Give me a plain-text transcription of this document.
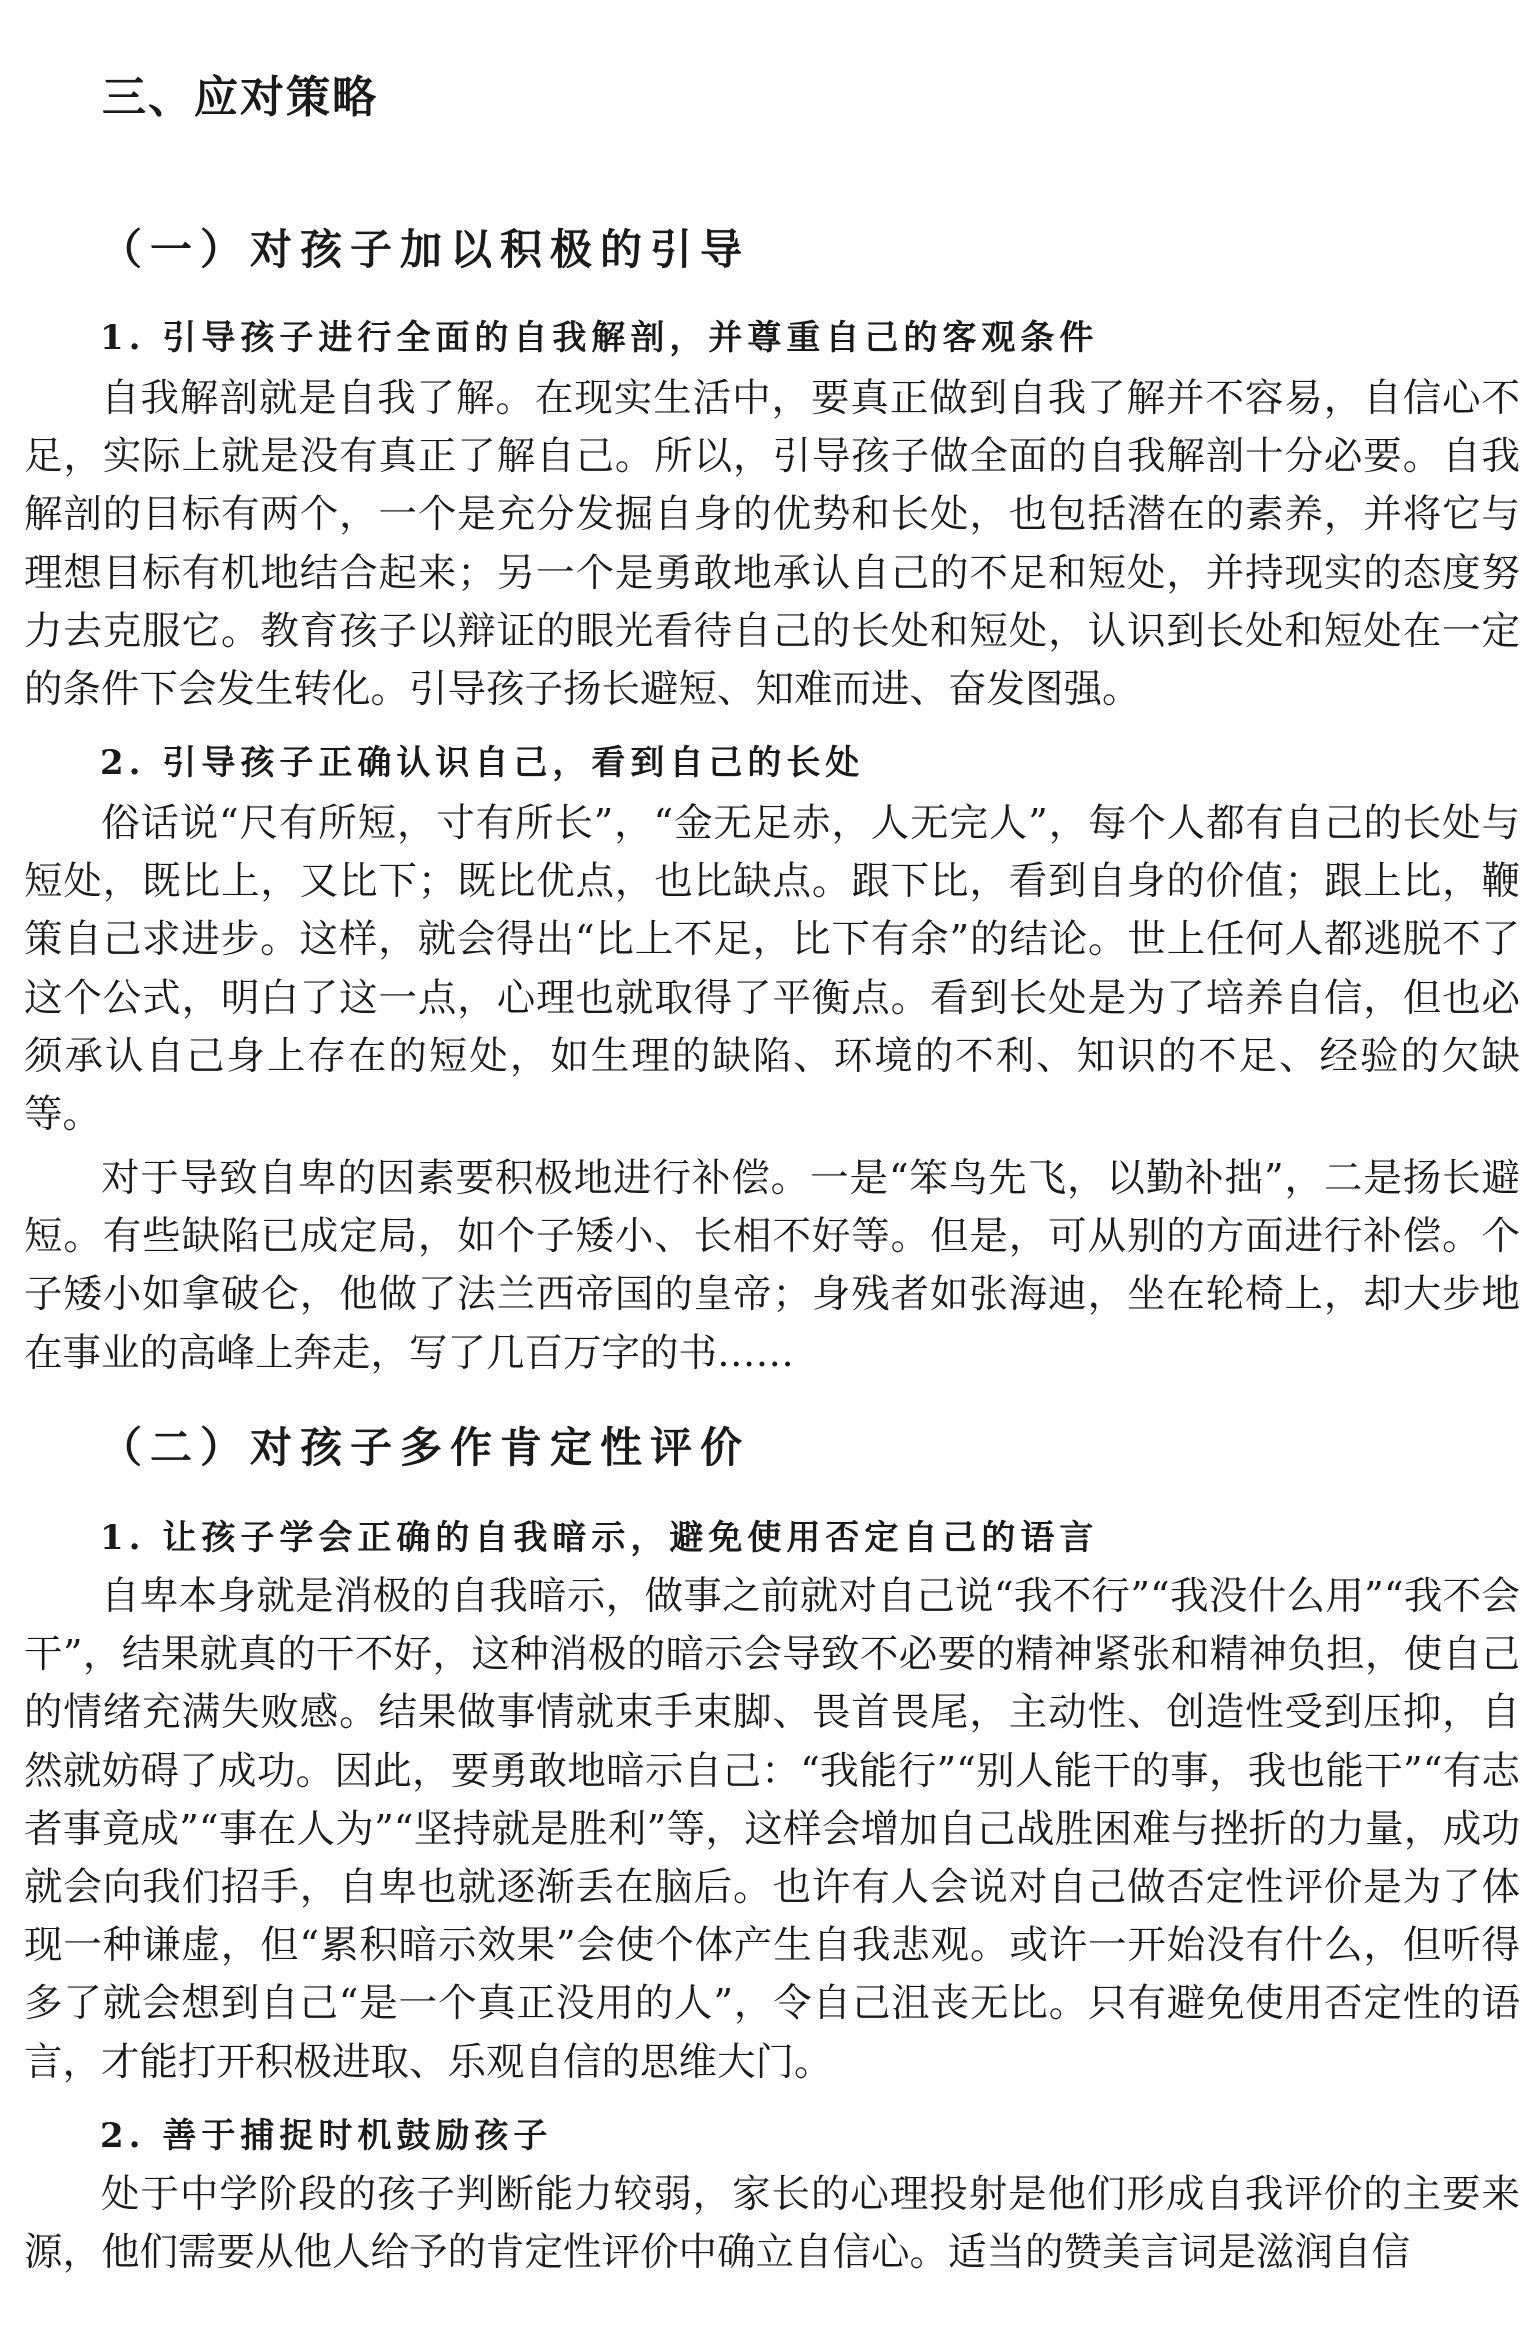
三、应对策略
（一）对孩子加以积极的引导
1. 引导孩子进行全面的自我解剖，并尊重自己的客观条件

自我解剖就是自我了解。在现实生活中，要真正做到自我了解并不容易，自信心不足，实际上就是没有真正了解自己。所以，引导孩子做全面的自我解剖十分必要。自我解剖的目标有两个，一个是充分发掘自身的优势和长处，也包括潜在的素养，并将它与理想目标有机地结合起来；另一个是勇敢地承认自己的不足和短处，并持现实的态度努力去克服它。教育孩子以辩证的眼光看待自己的长处和短处，认识到长处和短处在一定的条件下会发生转化。引导孩子扬长避短、知难而进、奋发图强。

2. 引导孩子正确认识自己，看到自己的长处

俗话说“尺有所短，寸有所长”，“金无足赤，人无完人”，每个人都有自己的长处与短处，既比上，又比下；既比优点，也比缺点。跟下比，看到自身的价值；跟上比，鞭策自己求进步。这样，就会得出“比上不足，比下有余”的结论。世上任何人都逃脱不了这个公式，明白了这一点，心理也就取得了平衡点。看到长处是为了培养自信，但也必须承认自己身上存在的短处，如生理的缺陷、环境的不利、知识的不足、经验的欠缺等。

对于导致自卑的因素要积极地进行补偿。一是“笨鸟先飞，以勤补拙”，二是扬长避短。有些缺陷已成定局，如个子矮小、长相不好等。但是，可从别的方面进行补偿。个子矮小如拿破仑，他做了法兰西帝国的皇帝；身残者如张海迪，坐在轮椅上，却大步地在事业的高峰上奔走，写了几百万字的书……

（二）对孩子多作肯定性评价
1. 让孩子学会正确的自我暗示，避免使用否定自己的语言

自卑本身就是消极的自我暗示，做事之前就对自己说“我不行”“我没什么用”“我不会干”，结果就真的干不好，这种消极的暗示会导致不必要的精神紧张和精神负担，使自己的情绪充满失败感。结果做事情就束手束脚、畏首畏尾，主动性、创造性受到压抑，自然就妨碍了成功。因此，要勇敢地暗示自己：“我能行”“别人能干的事，我也能干”“有志者事竟成”“事在人为”“坚持就是胜利”等，这样会增加自己战胜困难与挫折的力量，成功就会向我们招手，自卑也就逐渐丢在脑后。也许有人会说对自己做否定性评价是为了体现一种谦虚，但“累积暗示效果”会使个体产生自我悲观。或许一开始没有什么，但听得多了就会想到自己“是一个真正没用的人”，令自己沮丧无比。只有避免使用否定性的语言，才能打开积极进取、乐观自信的思维大门。

2. 善于捕捉时机鼓励孩子

处于中学阶段的孩子判断能力较弱，家长的心理投射是他们形成自我评价的主要来源，他们需要从他人给予的肯定性评价中确立自信心。适当的赞美言词是滋润自信
